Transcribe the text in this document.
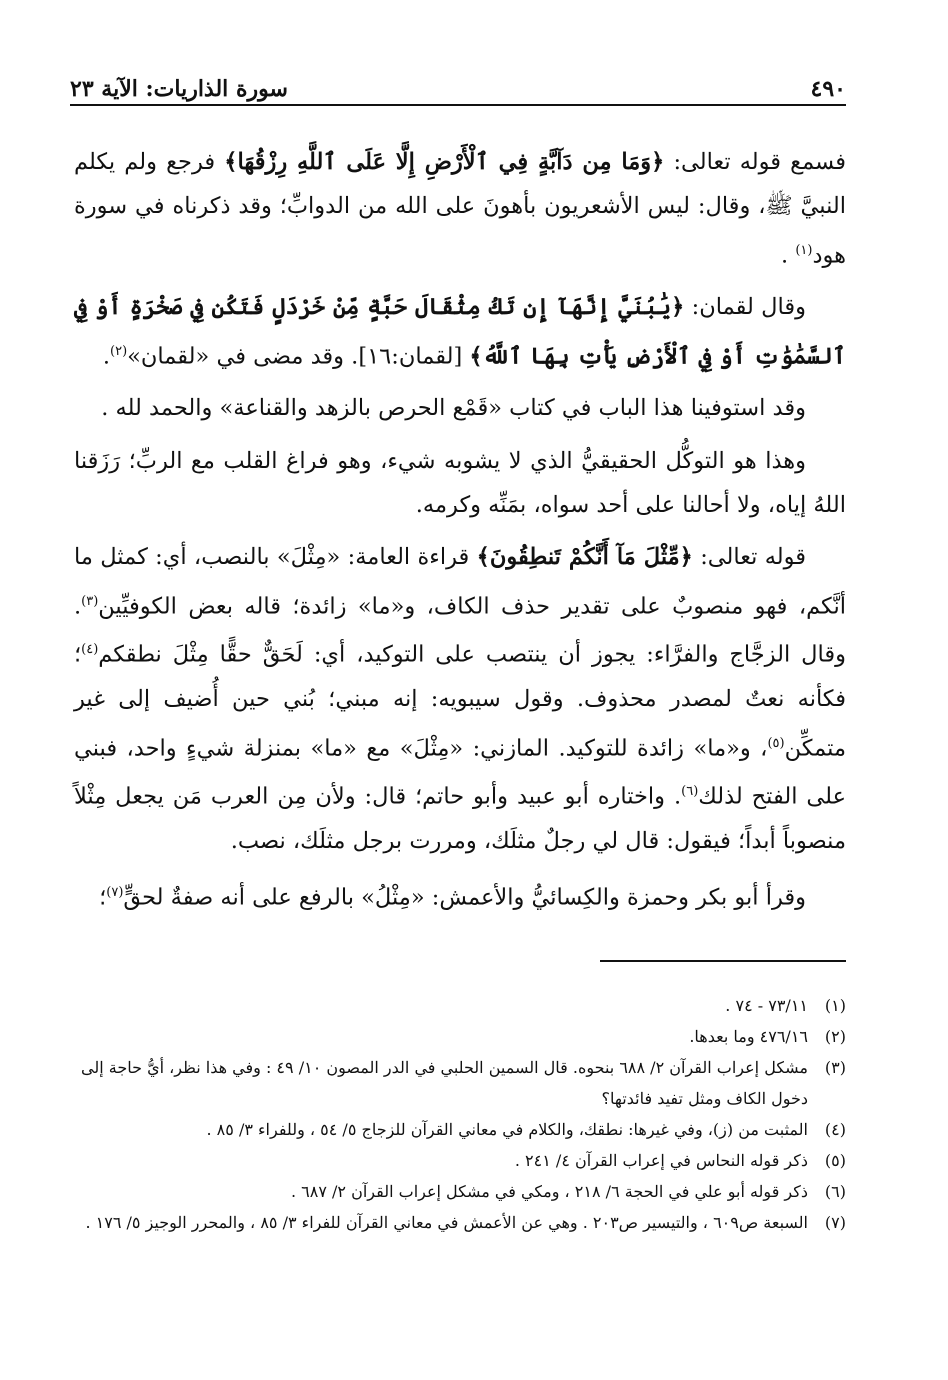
٤٩٠
سورة الذاريات: الآية ٢٣

فسمع قوله تعالى: ﴿وَمَا مِن دَآبَّةٍ فِي ٱلْأَرْضِ إِلَّا عَلَى ٱللَّهِ رِزْقُهَا﴾ فرجع ولم يكلم النبيَّ ﷺ، وقال: ليس الأشعريون بأهونَ على الله من الدوابِّ؛ وقد ذكرناه في سورة هود$^{(١)}$ .

وقال لقمان: ﴿يَٰبُنَيَّ إِنَّهَآ إِن تَكُ مِثْقَالَ حَبَّةٍ مِّنْ خَرْدَلٍ فَتَكُن فِي صَخْرَةٍ أَوْ فِي ٱلسَّمَٰوَٰتِ أَوْ فِي ٱلْأَرْضِ يَأْتِ بِهَا ٱللَّهُ﴾ [لقمان:١٦]. وقد مضى في «لقمان»$^{(٢)}$.

وقد استوفينا هذا الباب في كتاب «قَمْع الحرص بالزهد والقناعة» والحمد لله .

وهذا هو التوكُّل الحقيقيُّ الذي لا يشوبه شيء، وهو فراغ القلب مع الربِّ؛ رَزَقنا اللهُ إياه، ولا أحالنا على أحد سواه، بمَنِّه وكرمه.

قوله تعالى: ﴿مِّثْلَ مَآ أَنَّكُمْ تَنطِقُونَ﴾ قراءة العامة: «مِثْلَ» بالنصب، أي: كمثل ما أنَّكم، فهو منصوبٌ على تقدير حذف الكاف، و«ما» زائدة؛ قاله بعض الكوفيِّين$^{(٣)}$. وقال الزجَّاج والفرَّاء: يجوز أن ينتصب على التوكيد، أي: لَحَقٌّ حقًّا مِثْلَ نطقكم$^{(٤)}$؛ فكأنه نعتٌ لمصدر محذوف. وقول سيبويه: إنه مبني؛ بُني حين أُضيف إلى غير متمكِّن$^{(٥)}$، و«ما» زائدة للتوكيد. المازني: «مِثْلَ» مع «ما» بمنزلة شيءٍ واحد، فبني على الفتح لذلك$^{(٦)}$. واختاره أبو عبيد وأبو حاتم؛ قال: ولأن مِن العرب مَن يجعل مِثْلاً منصوباً أبداً؛ فيقول: قال لي رجلٌ مثلَك، ومررت برجل مثلَك، نصب.

وقرأ أبو بكر وحمزة والكِسائيُّ والأعمش: «مِثْلُ» بالرفع على أنه صفةٌ لحقٍّ$^{(٧)}$؛

(١)
٧٣/١١ - ٧٤ .
(٢)
٤٧٦/١٦ وما بعدها.
(٣)
مشكل إعراب القرآن ٢/ ٦٨٨ بنحوه. قال السمين الحلبي في الدر المصون ١٠/ ٤٩ : وفي هذا نظر، أيُّ حاجة إلى دخول الكاف ومثل تفيد فائدتها؟
(٤)
المثبت من (ز)، وفي غيرها: نطقك، والكلام في معاني القرآن للزجاج ٥/ ٥٤ ، وللفراء ٣/ ٨٥ .
(٥)
ذكر قوله النحاس في إعراب القرآن ٤/ ٢٤١ .
(٦)
ذكر قوله أبو علي في الحجة ٦/ ٢١٨ ، ومكي في مشكل إعراب القرآن ٢/ ٦٨٧ .
(٧)
السبعة ص٦٠٩ ، والتيسير ص٢٠٣ . وهي عن الأعمش في معاني القرآن للفراء ٣/ ٨٥ ، والمحرر الوجيز ٥/ ١٧٦ .
